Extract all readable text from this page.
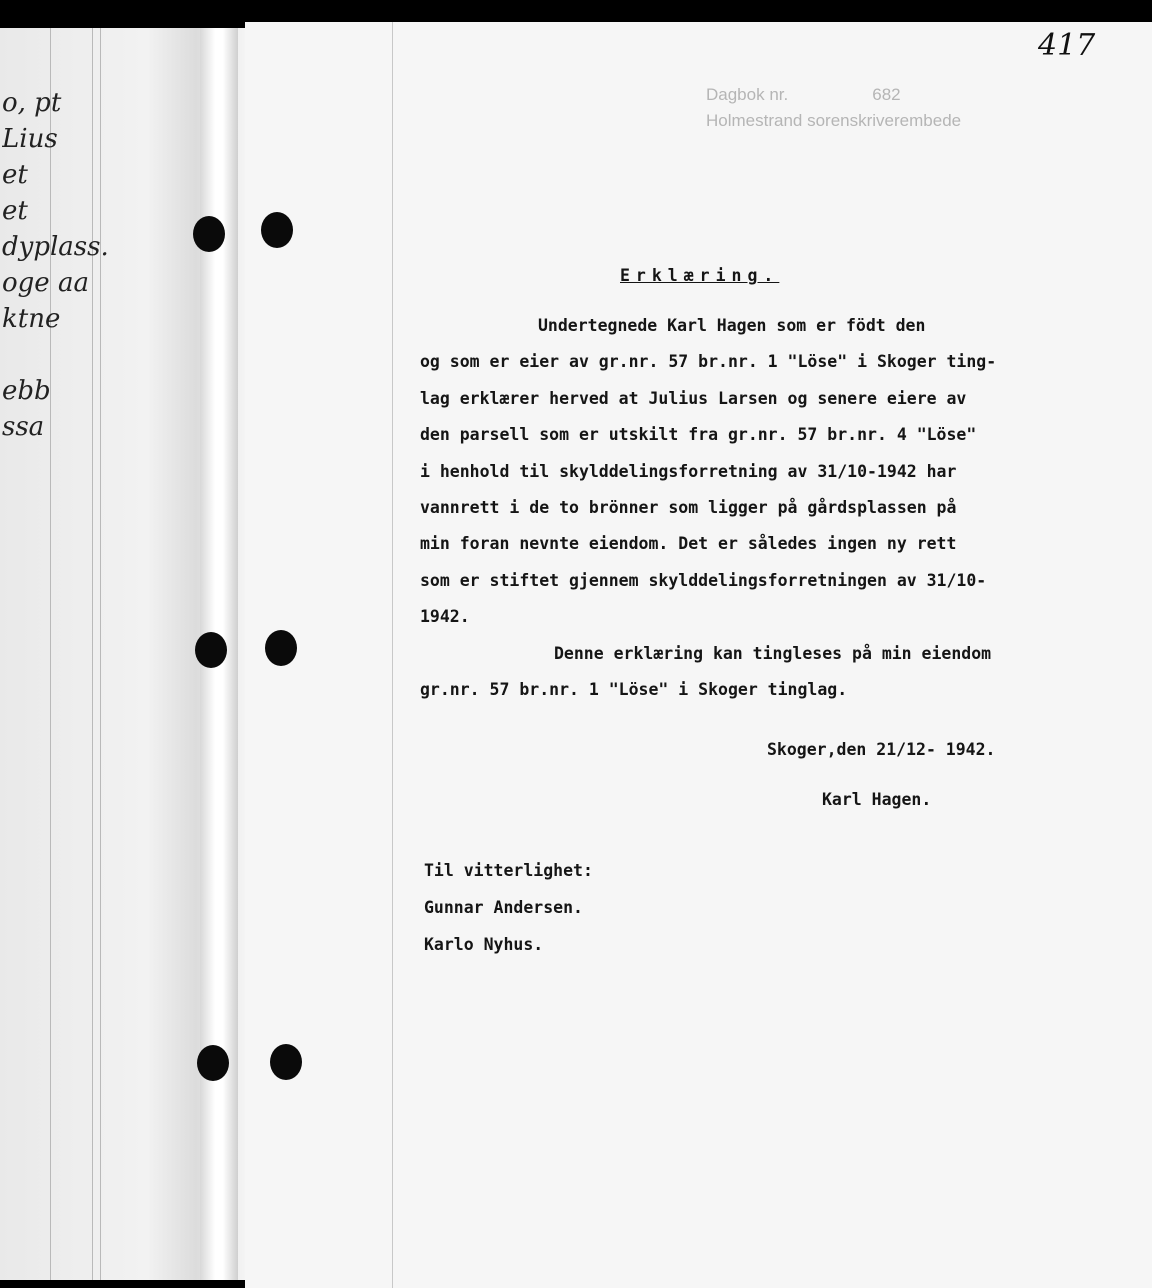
o, pt
Lius
et
et
dyplass.
oge aa
ktne
ebb
ssa
417
Dagbok nr.	682
Holmestrand sorenskriverembede
Erklæring.
Undertegnede Karl Hagen som er födt den
og som er eier av gr.nr. 57 br.nr. 1 "Löse" i Skoger ting-
lag erklærer herved at Julius Larsen og senere eiere av
den parsell som er utskilt fra gr.nr. 57 br.nr. 4 "Löse"
i henhold til skylddelingsforretning av 31/10-1942 har
vannrett i de to brönner som ligger på gårdsplassen på
min foran nevnte eiendom. Det er således ingen ny rett
som er stiftet gjennem skylddelingsforretningen av 31/10-
1942.
Denne erklæring kan tingleses på min eiendom
gr.nr. 57 br.nr. 1 "Löse" i Skoger tinglag.
Skoger,den 21/12- 1942.
Karl Hagen.
Til vitterlighet:
Gunnar Andersen.
Karlo Nyhus.
